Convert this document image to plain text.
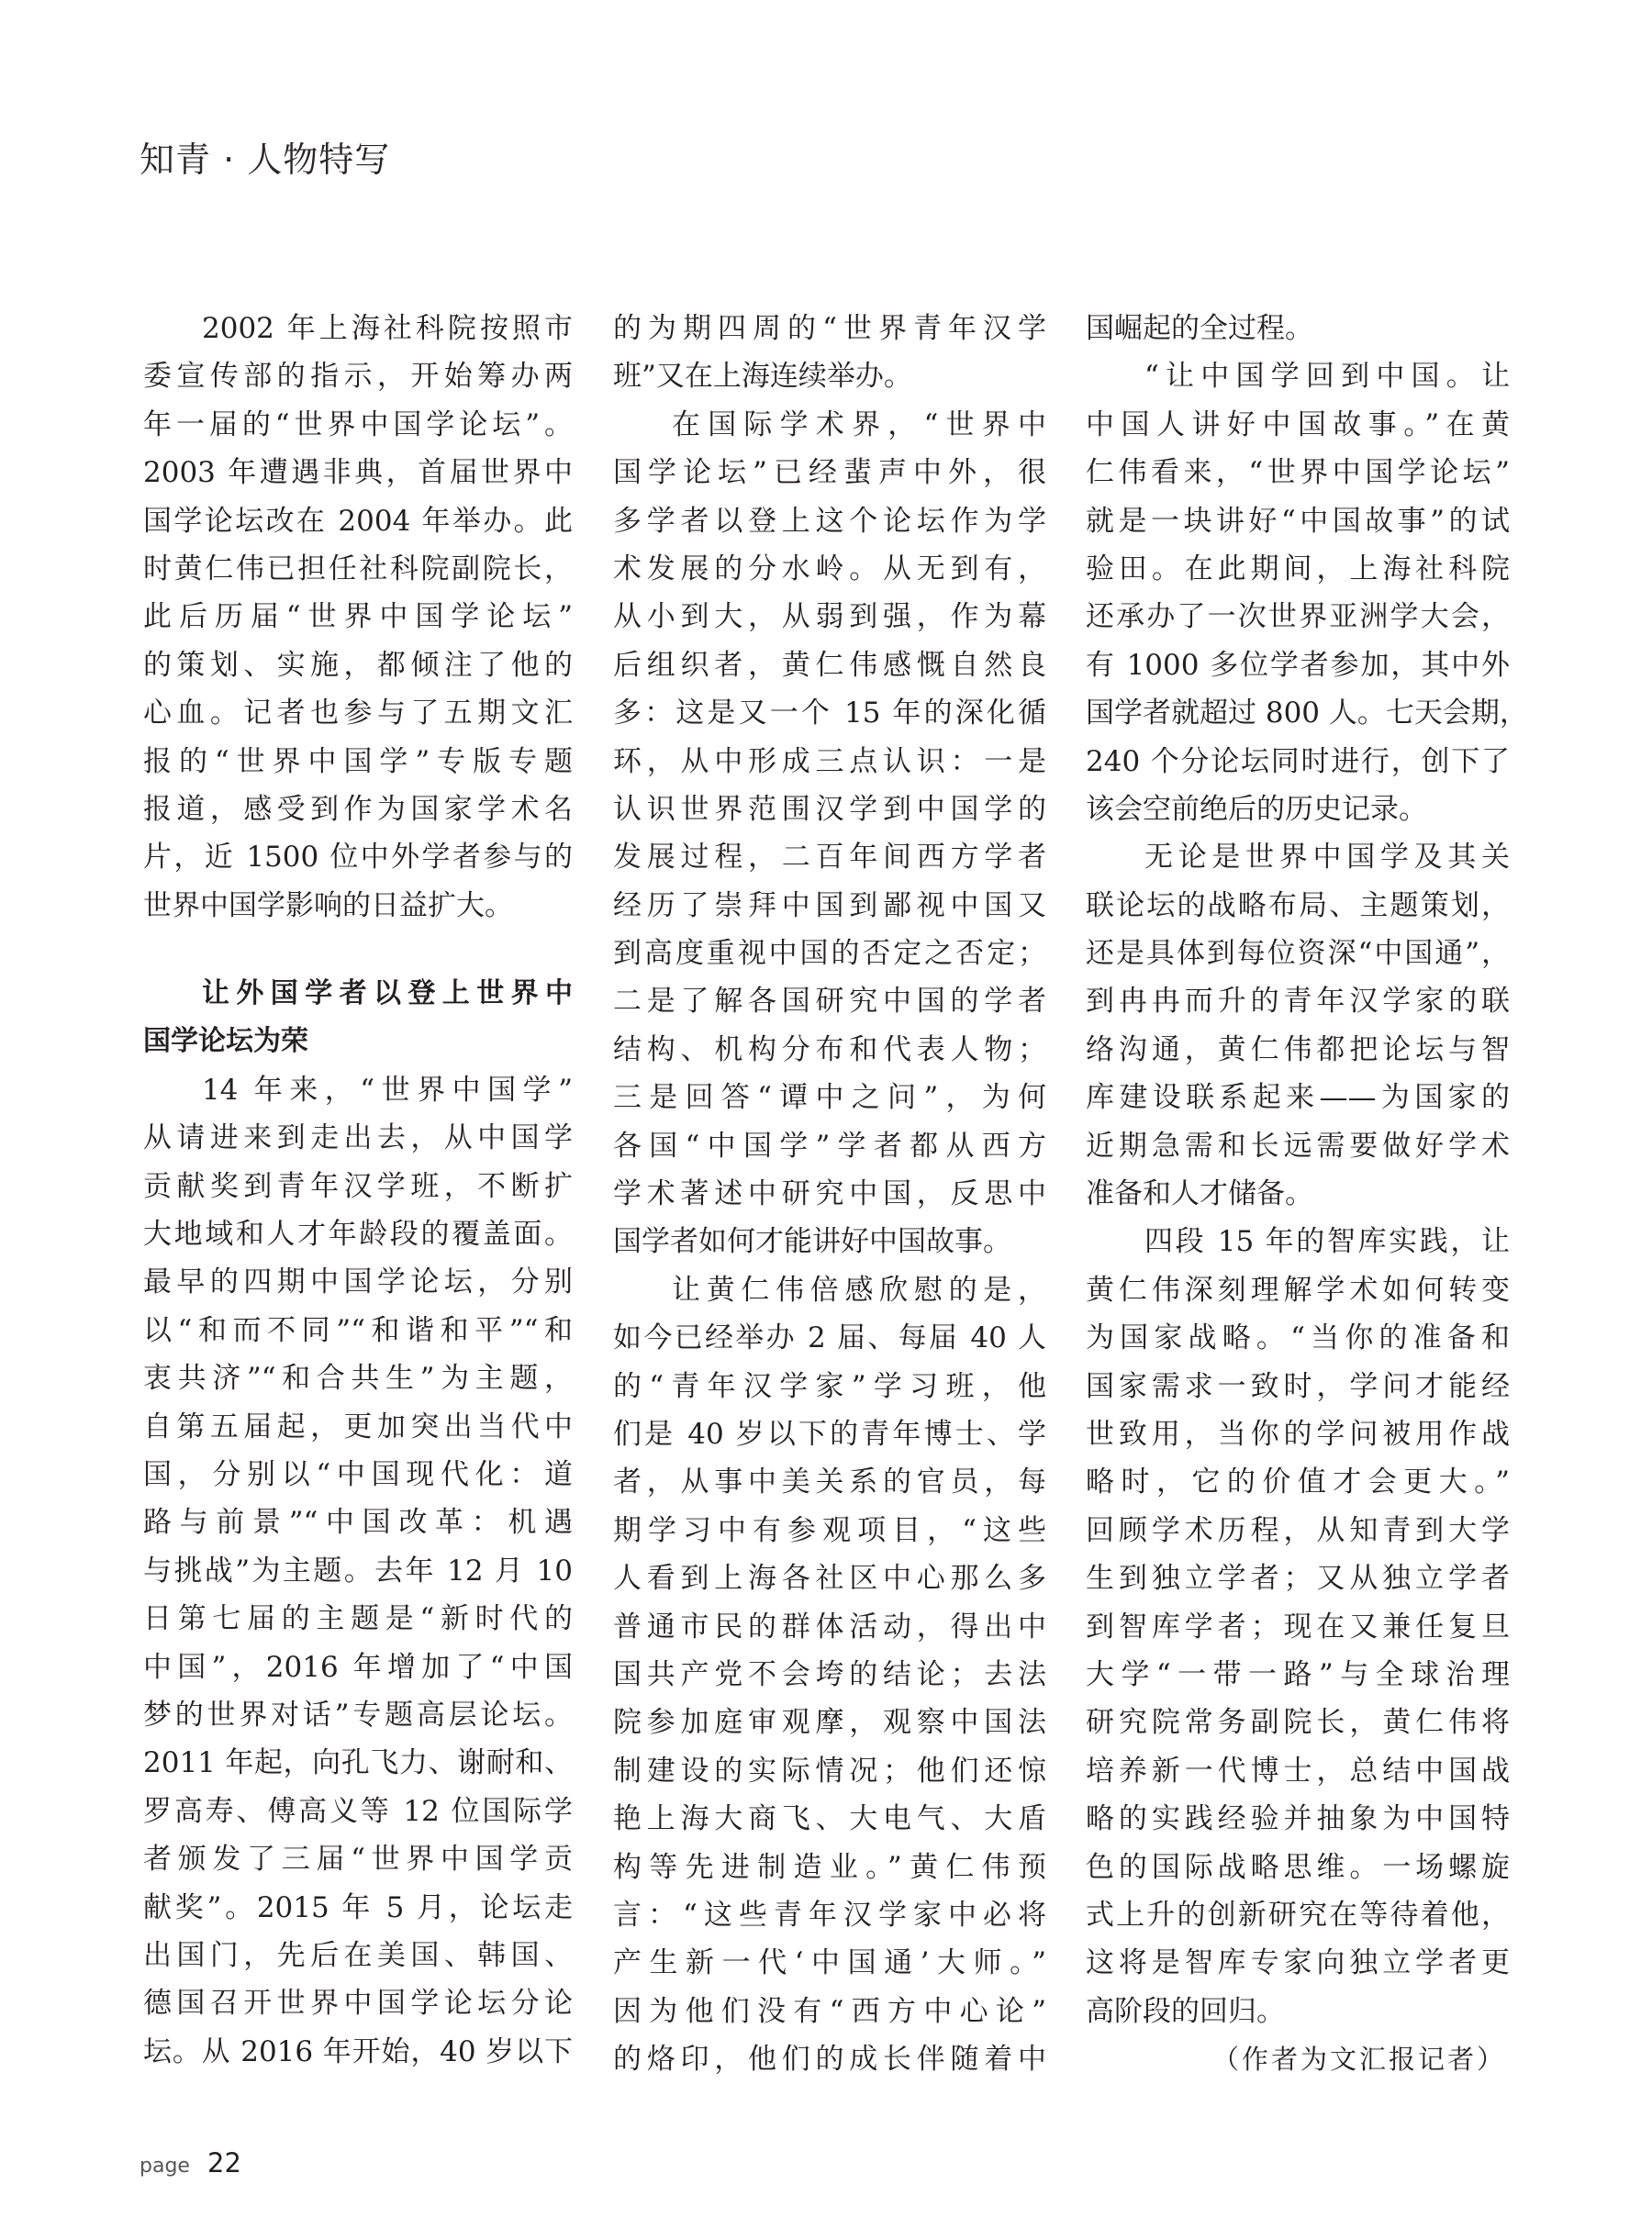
知青 · 人物特写
2002 年上海社科院按照市
委宣传部的指示，开始筹办两
年一届的“世界中国学论坛”。
2003 年遭遇非典，首届世界中
国学论坛改在 2004 年举办。此
时黄仁伟已担任社科院副院长，
此后历届“世界中国学论坛”
的策划、实施，都倾注了他的
心血。记者也参与了五期文汇
报的“世界中国学”专版专题
报道，感受到作为国家学术名
片，近 1500 位中外学者参与的
世界中国学影响的日益扩大。
让外国学者以登上世界中
国学论坛为荣
14 年来，“世界中国学”
从请进来到走出去，从中国学
贡献奖到青年汉学班，不断扩
大地域和人才年龄段的覆盖面。
最早的四期中国学论坛，分别
以“和而不同”“和谐和平”“和
衷共济”“和合共生”为主题，
自第五届起，更加突出当代中
国，分别以“中国现代化：道
路与前景”“中国改革：机遇
与挑战”为主题。去年 12 月 10
日第七届的主题是“新时代的
中国”，2016 年增加了“中国
梦的世界对话”专题高层论坛。
2011 年起，向孔飞力、谢耐和、
罗高寿、傅高义等 12 位国际学
者颁发了三届“世界中国学贡
献奖”。2015 年 5 月，论坛走
出国门，先后在美国、韩国、
德国召开世界中国学论坛分论
坛。从 2016 年开始，40 岁以下
的为期四周的“世界青年汉学
班”又在上海连续举办。
在国际学术界，“世界中
国学论坛”已经蜚声中外，很
多学者以登上这个论坛作为学
术发展的分水岭。从无到有，
从小到大，从弱到强，作为幕
后组织者，黄仁伟感慨自然良
多：这是又一个 15 年的深化循
环，从中形成三点认识：一是
认识世界范围汉学到中国学的
发展过程，二百年间西方学者
经历了崇拜中国到鄙视中国又
到高度重视中国的否定之否定；
二是了解各国研究中国的学者
结构、机构分布和代表人物；
三是回答“谭中之问”，为何
各国“中国学”学者都从西方
学术著述中研究中国，反思中
国学者如何才能讲好中国故事。
让黄仁伟倍感欣慰的是，
如今已经举办 2 届、每届 40 人
的“青年汉学家”学习班，他
们是 40 岁以下的青年博士、学
者，从事中美关系的官员，每
期学习中有参观项目，“这些
人看到上海各社区中心那么多
普通市民的群体活动，得出中
国共产党不会垮的结论；去法
院参加庭审观摩，观察中国法
制建设的实际情况；他们还惊
艳上海大商飞、大电气、大盾
构等先进制造业。”黄仁伟预
言：“这些青年汉学家中必将
产生新一代‘中国通’大师。”
因为他们没有“西方中心论”
的烙印，他们的成长伴随着中
国崛起的全过程。
“让中国学回到中国。让
中国人讲好中国故事。”在黄
仁伟看来，“世界中国学论坛”
就是一块讲好“中国故事”的试
验田。在此期间，上海社科院
还承办了一次世界亚洲学大会，
有 1000 多位学者参加，其中外
国学者就超过 800 人。七天会期，
240 个分论坛同时进行，创下了
该会空前绝后的历史记录。
无论是世界中国学及其关
联论坛的战略布局、主题策划，
还是具体到每位资深“中国通”，
到冉冉而升的青年汉学家的联
络沟通，黄仁伟都把论坛与智
库建设联系起来——为国家的
近期急需和长远需要做好学术
准备和人才储备。
四段 15 年的智库实践，让
黄仁伟深刻理解学术如何转变
为国家战略。“当你的准备和
国家需求一致时，学问才能经
世致用，当你的学问被用作战
略时，它的价值才会更大。”
回顾学术历程，从知青到大学
生到独立学者；又从独立学者
到智库学者；现在又兼任复旦
大学“一带一路”与全球治理
研究院常务副院长，黄仁伟将
培养新一代博士，总结中国战
略的实践经验并抽象为中国特
色的国际战略思维。一场螺旋
式上升的创新研究在等待着他，
这将是智库专家向独立学者更
高阶段的回归。
（作者为文汇报记者）
page 22
